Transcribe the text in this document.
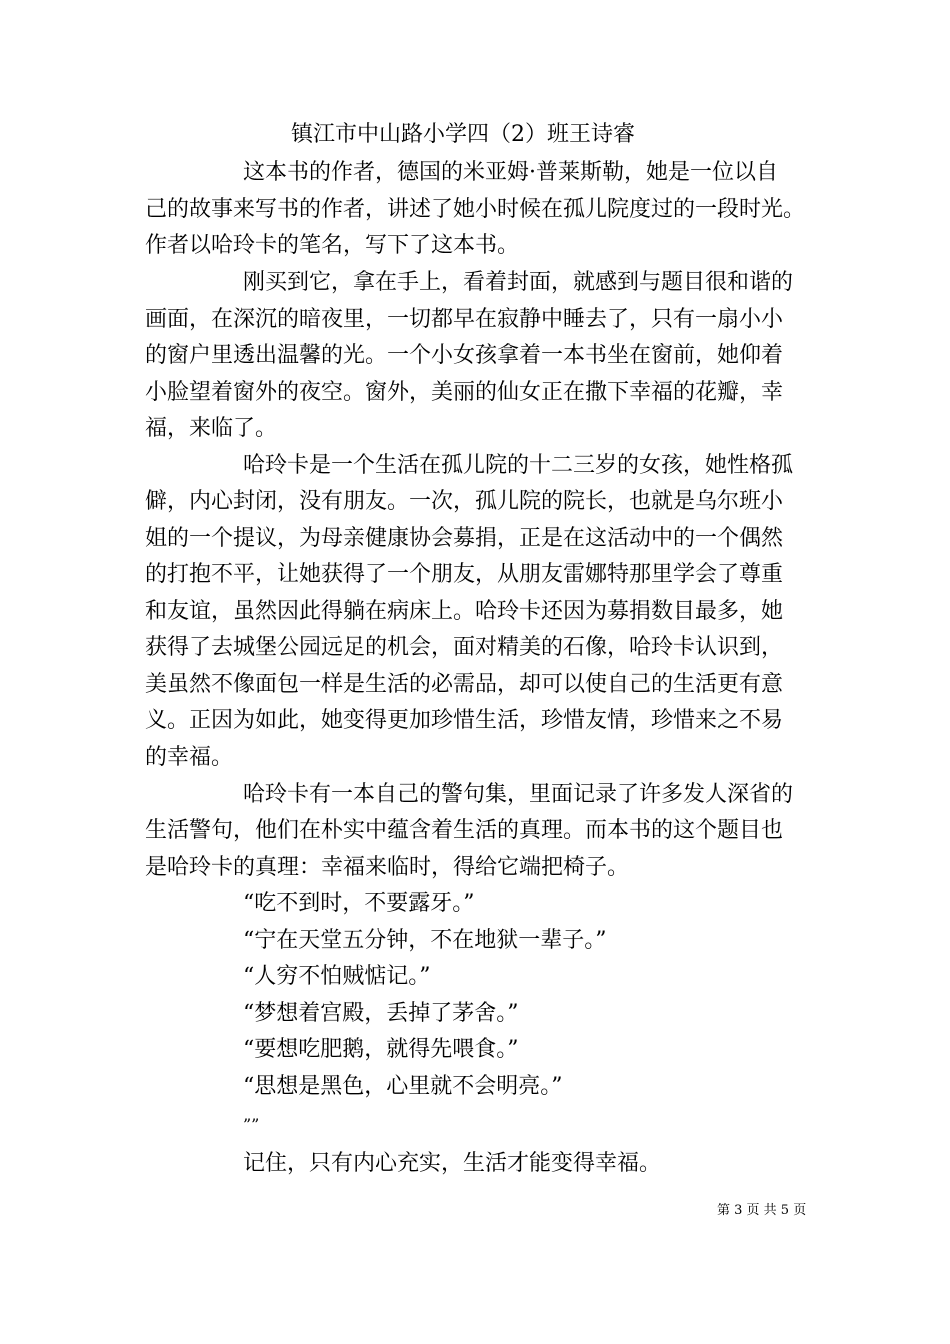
镇江市中山路小学四（2）班王诗睿
这本书的作者，德国的米亚姆·普莱斯勒，她是一位以自
己的故事来写书的作者，讲述了她小时候在孤儿院度过的一段时光。
作者以哈玲卡的笔名，写下了这本书。
刚买到它，拿在手上，看着封面，就感到与题目很和谐的
画面，在深沉的暗夜里，一切都早在寂静中睡去了，只有一扇小小
的窗户里透出温馨的光。一个小女孩拿着一本书坐在窗前，她仰着
小脸望着窗外的夜空。窗外，美丽的仙女正在撒下幸福的花瓣，幸
福，来临了。
哈玲卡是一个生活在孤儿院的十二三岁的女孩，她性格孤
僻，内心封闭，没有朋友。一次，孤儿院的院长，也就是乌尔班小
姐的一个提议，为母亲健康协会募捐，正是在这活动中的一个偶然
的打抱不平，让她获得了一个朋友，从朋友雷娜特那里学会了尊重
和友谊，虽然因此得躺在病床上。哈玲卡还因为募捐数目最多，她
获得了去城堡公园远足的机会，面对精美的石像，哈玲卡认识到，
美虽然不像面包一样是生活的必需品，却可以使自己的生活更有意
义。正因为如此，她变得更加珍惜生活，珍惜友情，珍惜来之不易
的幸福。
哈玲卡有一本自己的警句集，里面记录了许多发人深省的
生活警句，他们在朴实中蕴含着生活的真理。而本书的这个题目也
是哈玲卡的真理：幸福来临时，得给它端把椅子。
“吃不到时，不要露牙。”
“宁在天堂五分钟，不在地狱一辈子。”
“人穷不怕贼惦记。”
“梦想着宫殿，丢掉了茅舍。”
“要想吃肥鹅，就得先喂食。”
“思想是黑色，心里就不会明亮。”
””
记住，只有内心充实，生活才能变得幸福。
第 3 页 共 5 页
